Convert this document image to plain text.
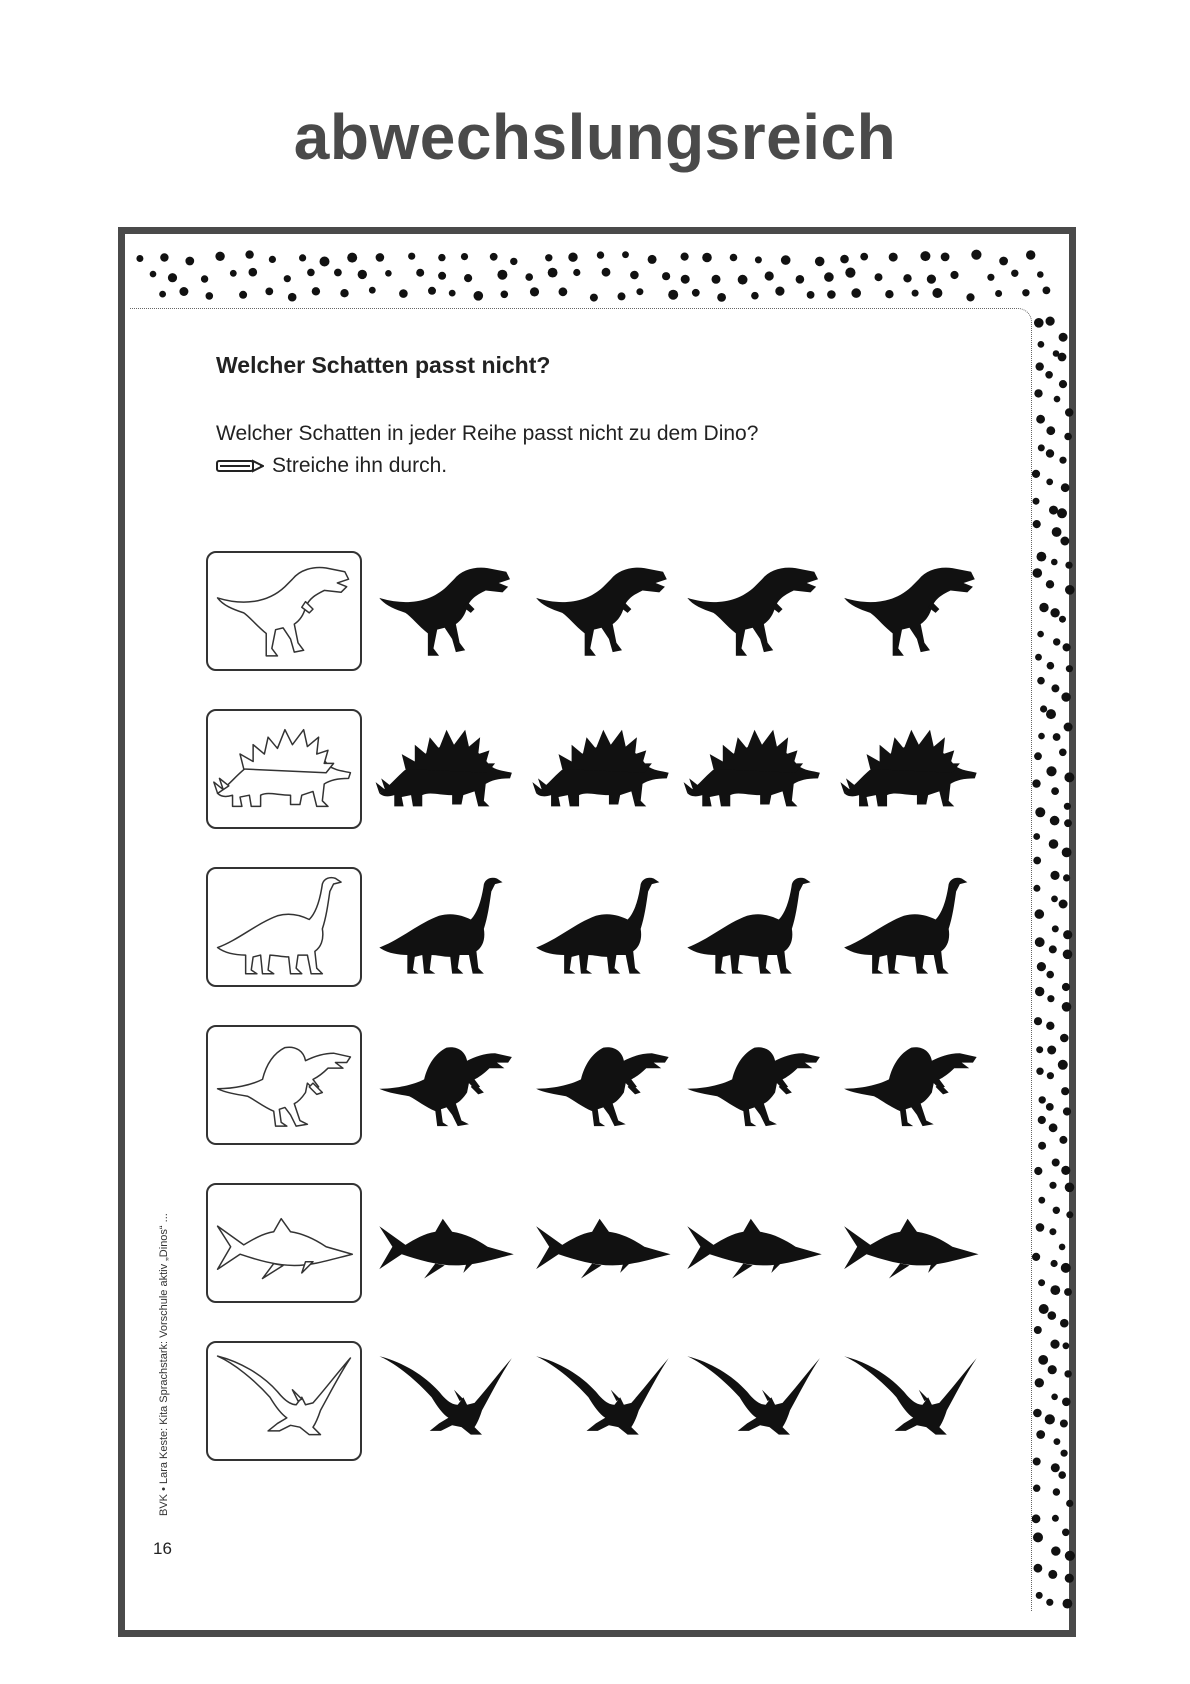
abwechslungsreich
Welcher Schatten passt nicht?
Welcher Schatten in jeder Reihe passt nicht zu dem Dino?
Streiche ihn durch.
BVK • Lara Keste: Kita Sprachstark: Vorschule aktiv „Dinos“ ...
16
